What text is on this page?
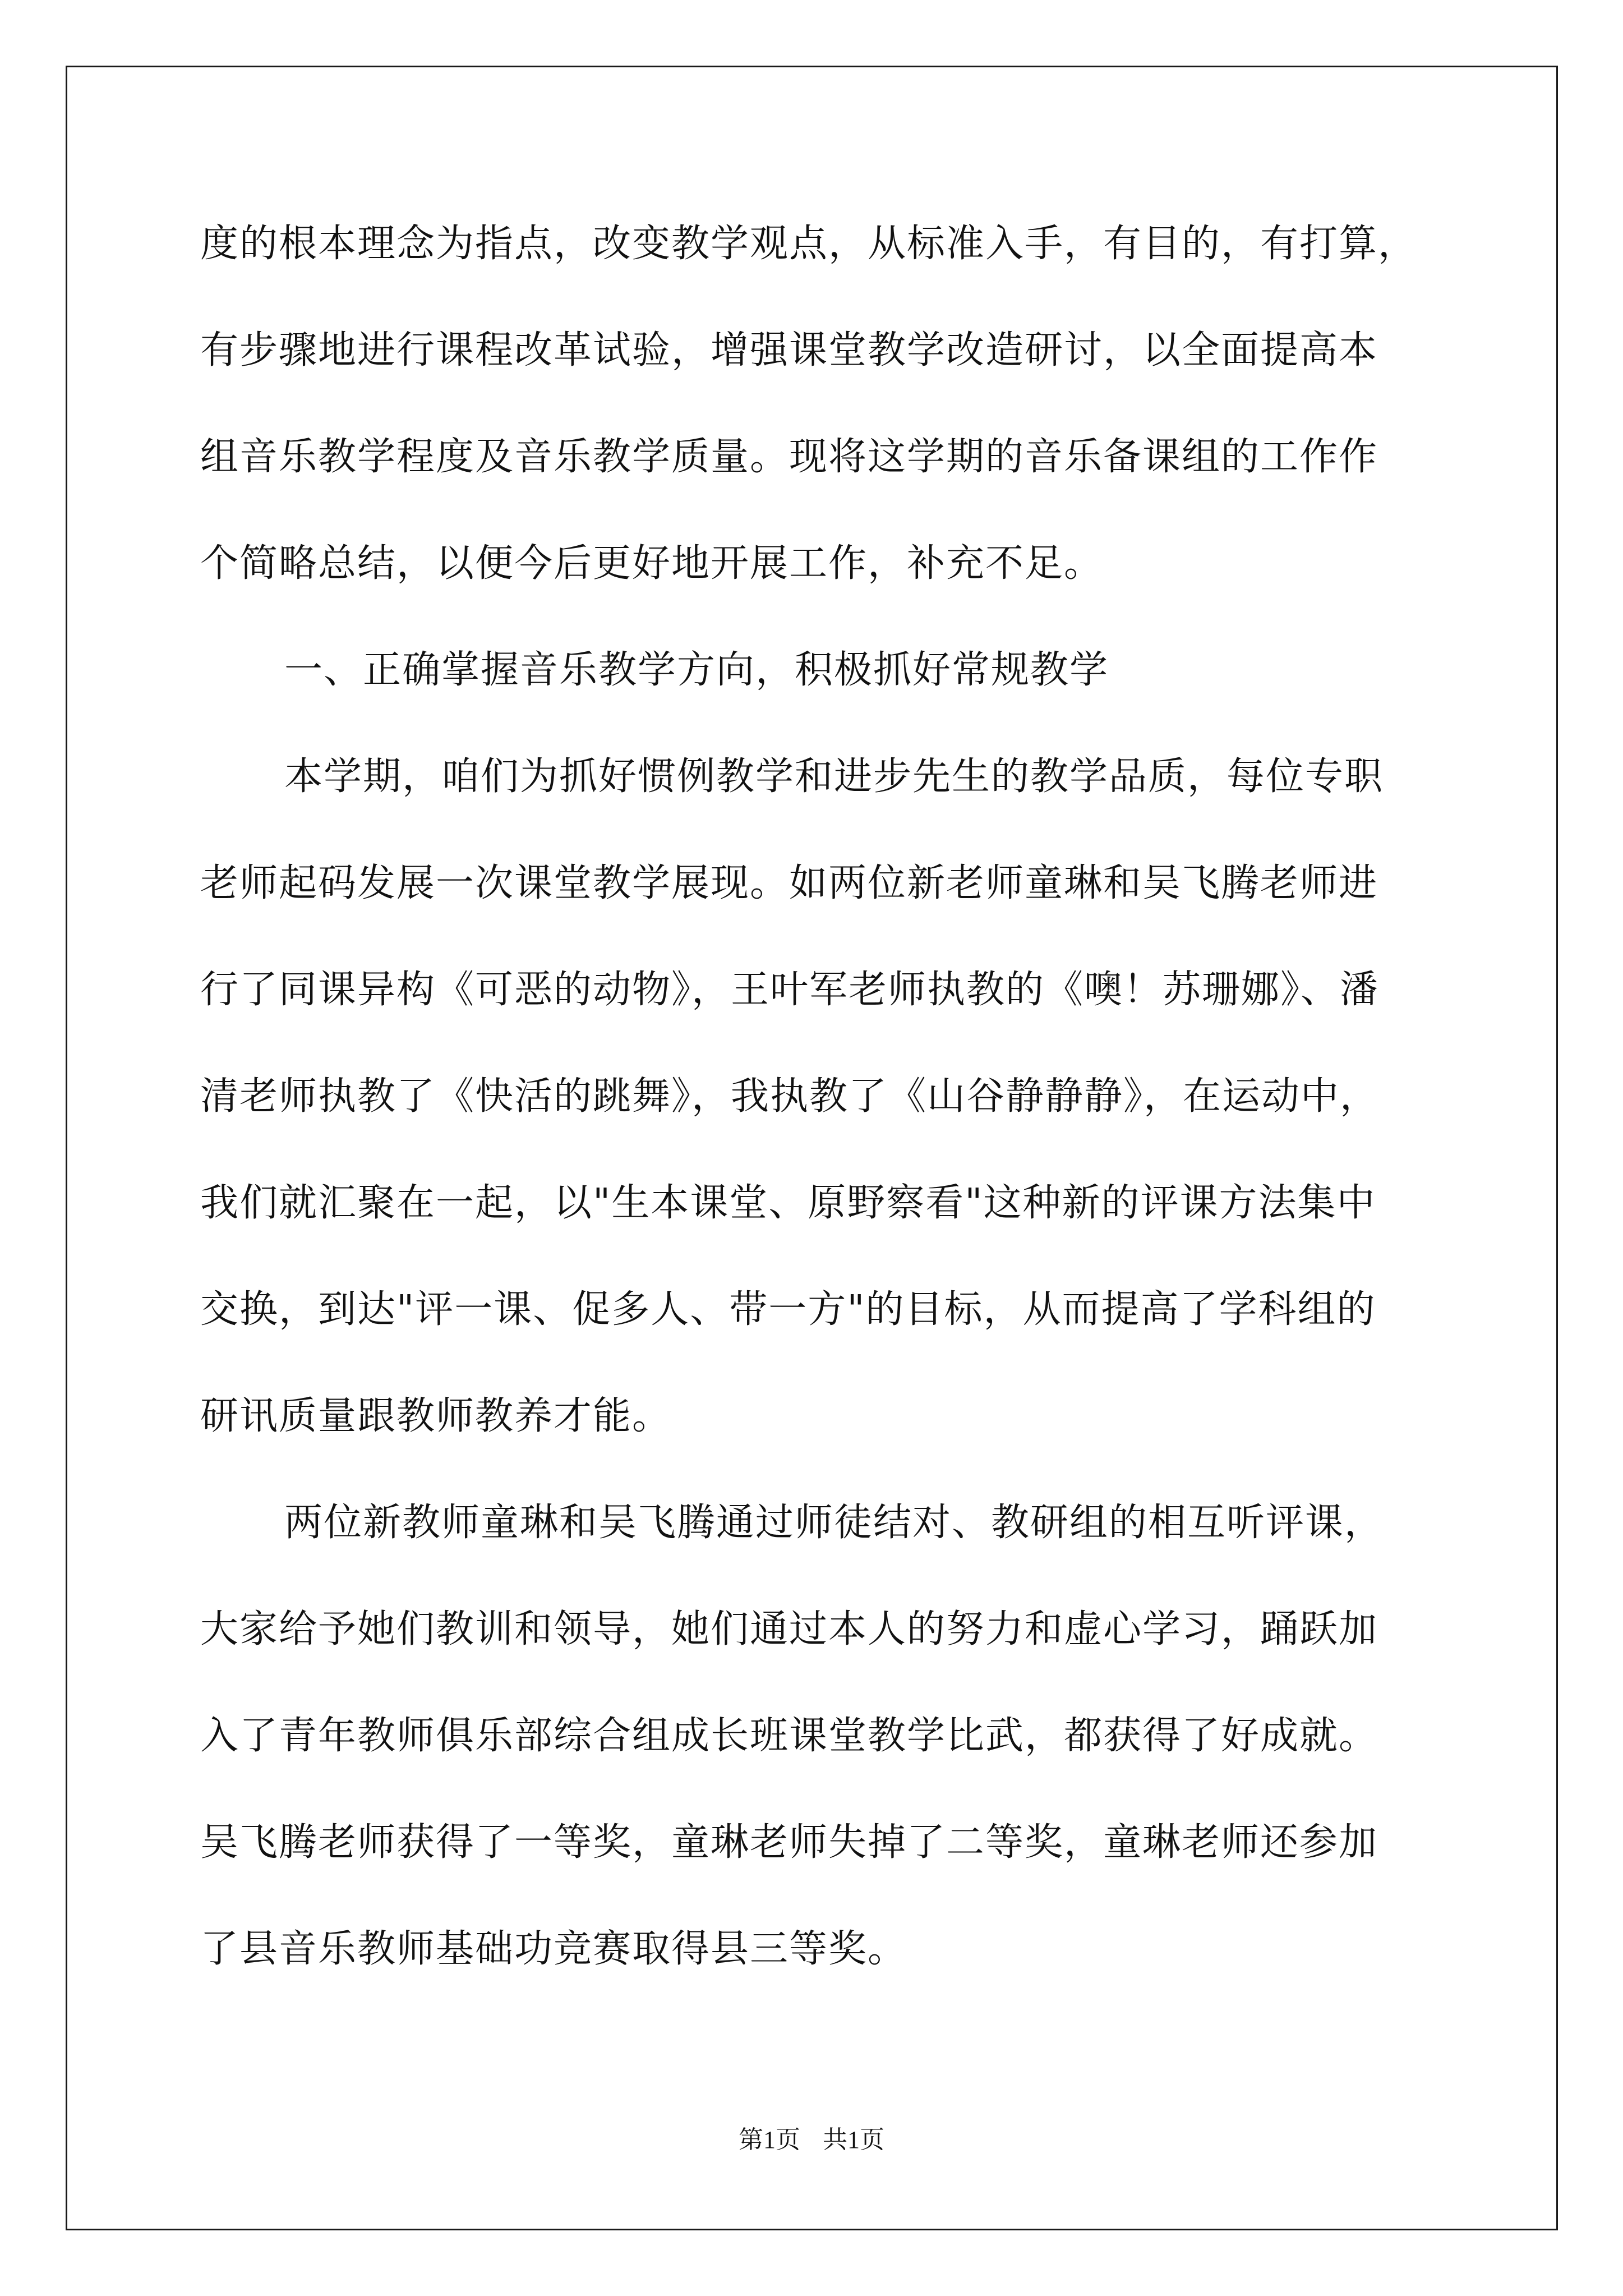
度的根本理念为指点，改变教学观点，从标准入手，有目的，有打算，
有步骤地进行课程改革试验，增强课堂教学改造研讨，以全面提高本
组音乐教学程度及音乐教学质量。现将这学期的音乐备课组的工作作
个简略总结，以便今后更好地开展工作，补充不足。
一、正确掌握音乐教学方向，积极抓好常规教学
本学期，咱们为抓好惯例教学和进步先生的教学品质，每位专职
老师起码发展一次课堂教学展现。如两位新老师童琳和吴飞腾老师进
行了同课异构《可恶的动物》，王叶军老师执教的《噢！苏珊娜》、潘
清老师执教了《快活的跳舞》，我执教了《山谷静静静》，在运动中，
我们就汇聚在一起，以"生本课堂、原野察看"这种新的评课方法集中
交换，到达"评一课、促多人、带一方"的目标，从而提高了学科组的
研讯质量跟教师教养才能。
两位新教师童琳和吴飞腾通过师徒结对、教研组的相互听评课，
大家给予她们教训和领导，她们通过本人的努力和虚心学习，踊跃加
入了青年教师俱乐部综合组成长班课堂教学比武，都获得了好成就。
吴飞腾老师获得了一等奖，童琳老师失掉了二等奖，童琳老师还参加
了县音乐教师基础功竞赛取得县三等奖。
第1页 共1页
